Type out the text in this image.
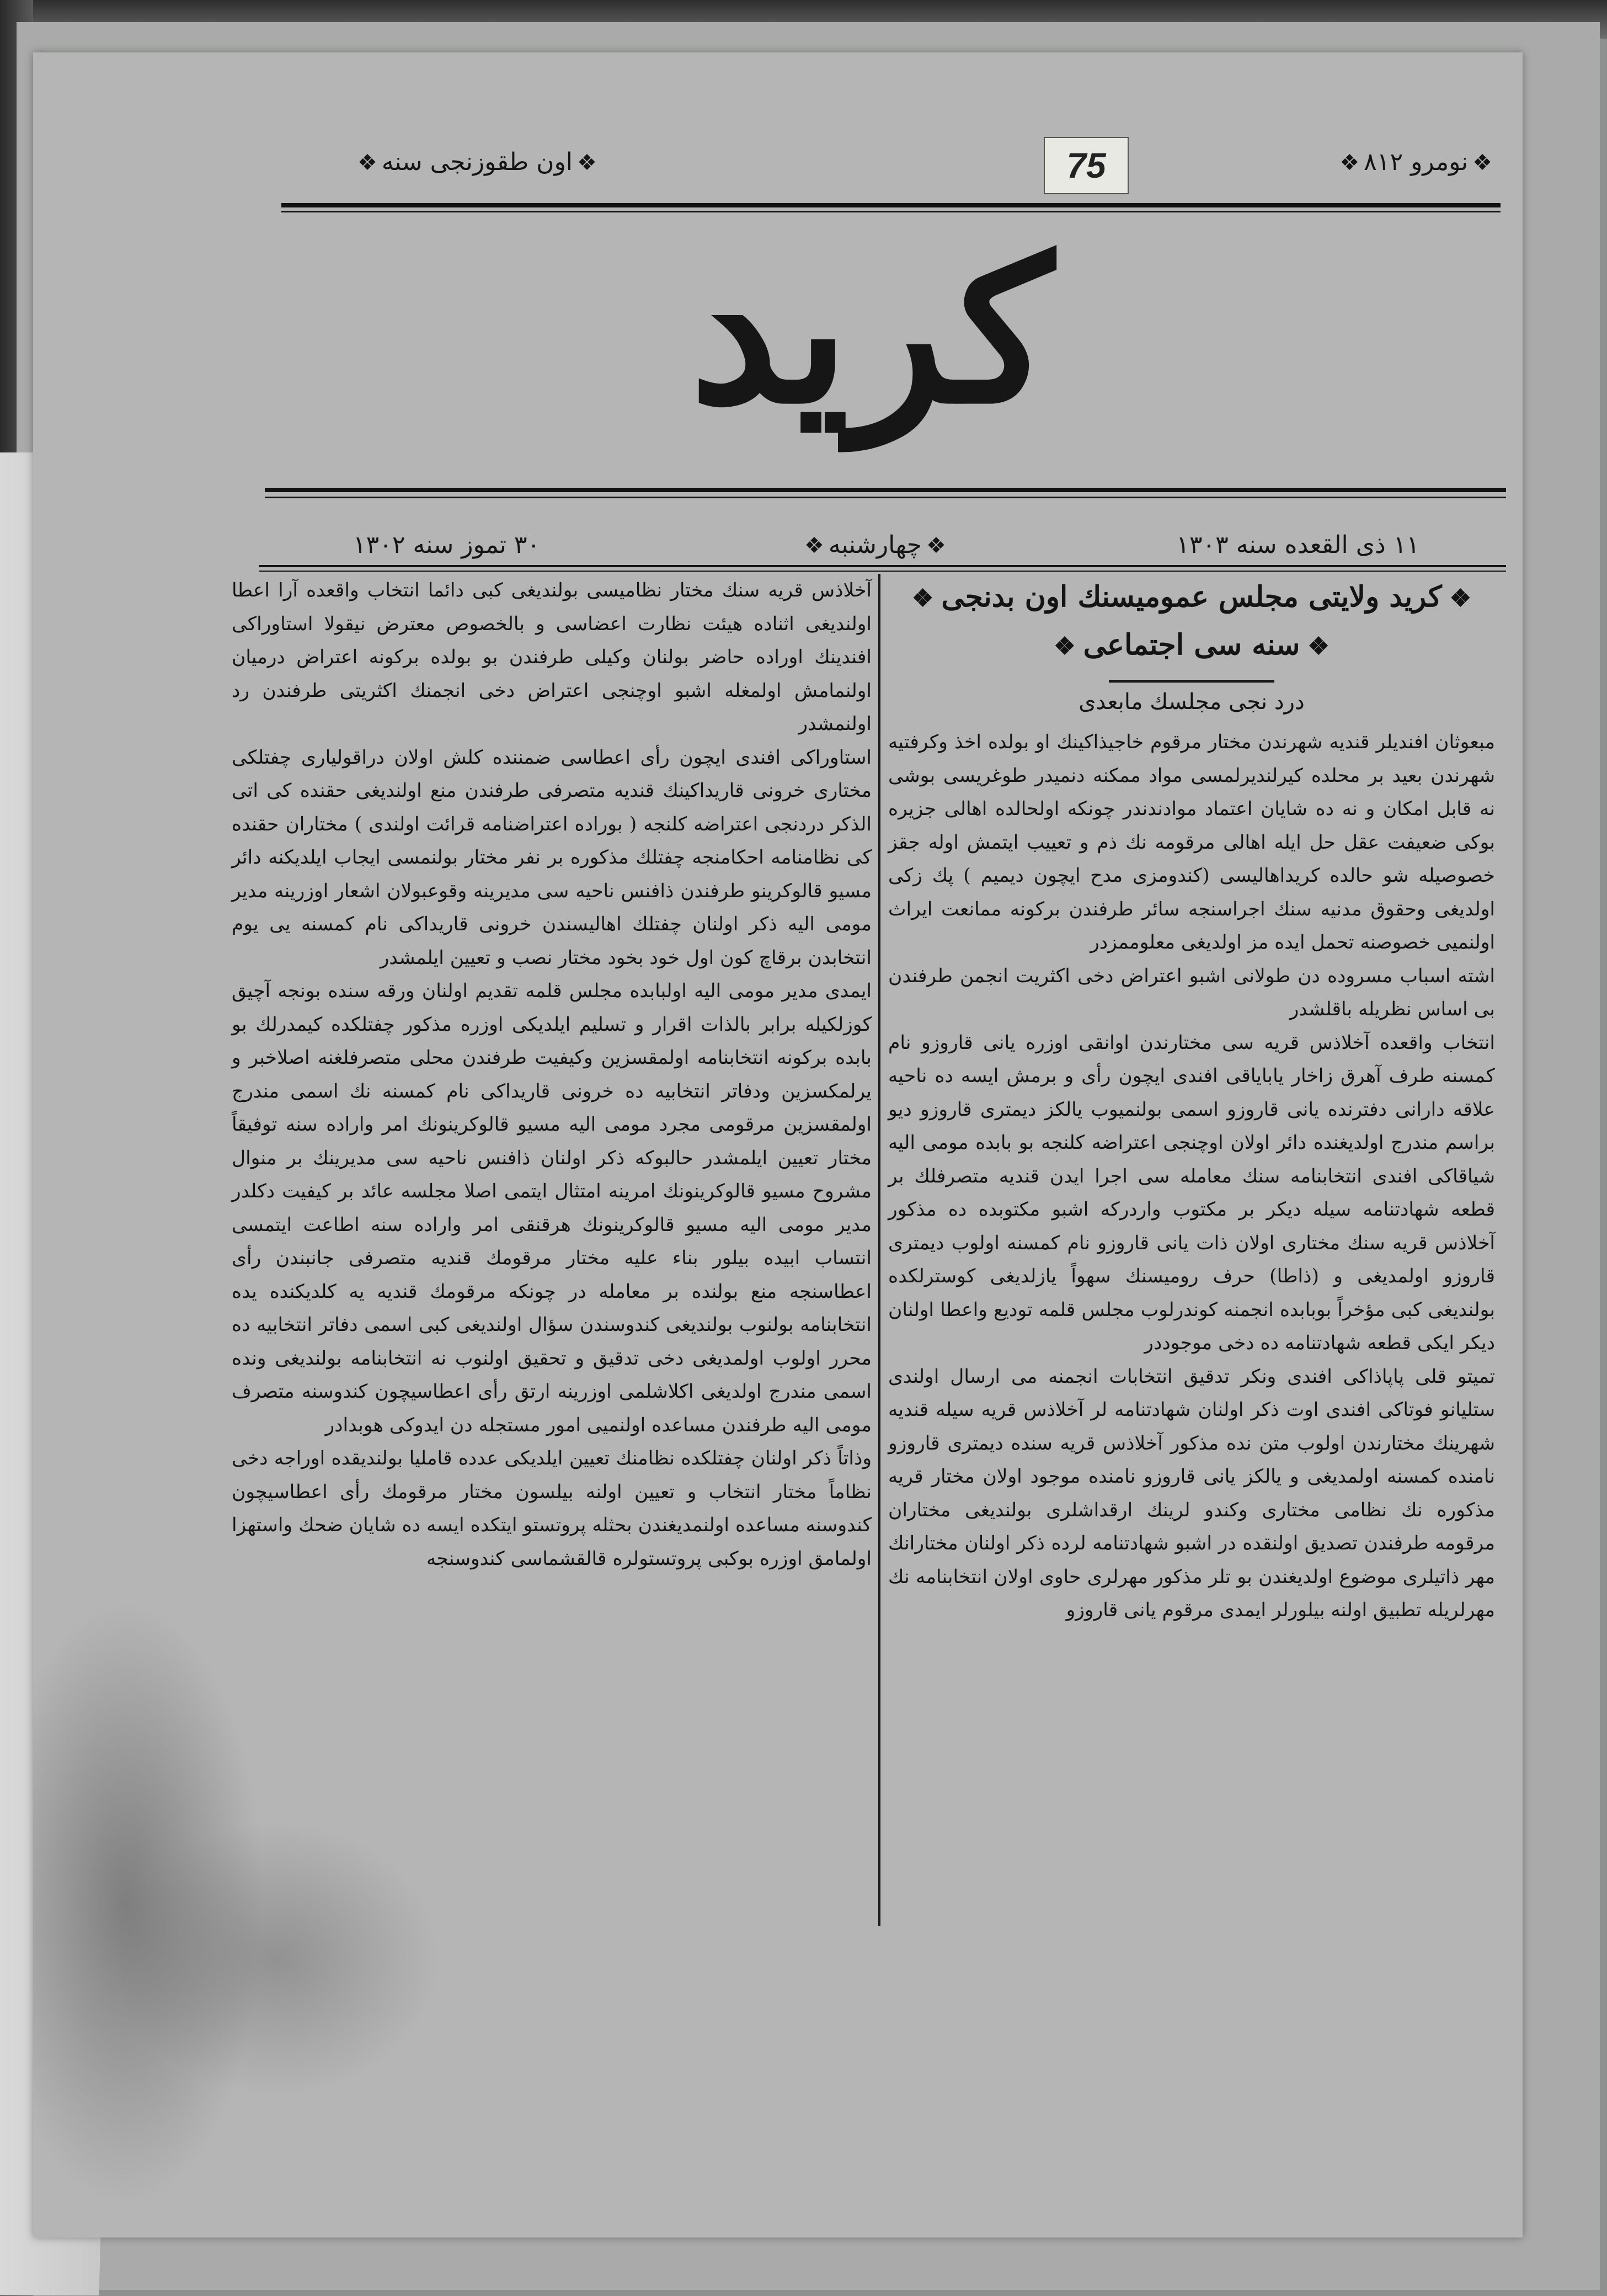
❖نومرو ۸۱۲❖
❖اون طقوزنجی سنه❖	75
كريد
۱۱ ذی القعده سنه ۱۳۰۳
❖چهارشنبه❖
۳۰ تموز سنه ۱۳۰۲
❖كريد ولايتی مجلس عمومیسنك اون بدنجی❖
❖سنه سی اجتماعی❖

درد نجی مجلسك مابعدی

مبعوثان افندیلر قندیه شهرندن مختار مرقوم خاجیذاكینك او بولده اخذ وكرفتیه شهرندن بعید بر محلده كيرلندیرلمسی مواد ممكنه دنمیدر طوغریسی بوشی نه قابل امكان و نه ده شایان اعتماد موادندندر چونكه اولحالده اهالی جزیره بوكی ضعیفت عقل حل ایله اهالی مرقومه نك ذم و تعییب ایتمش اوله جقز خصوصیله شو حالده كریداهالیسی (كندومزی مدح ایچون دیمیم ) پك زكی اولدیغی وحقوق مدنیه سنك اجراسنجه سائر طرفندن بركونه ممانعت ایراث اولنمیی خصوصنه تحمل ایده مز اولدیغی معلوممزدر

اشته اسباب مسروده دن طولانی اشبو اعتراض دخی اكثریت انجمن طرفندن بی اساس نظریله باقلشدر

انتخاب واقعده آخلاذس قریه سی مختارندن اوانقی اوزره یانی قاروزو نام كمسنه طرف آهرق زاخار یابایاقی افندی ایچون رأی و برمش ایسه ده ناحیه علاقه دارانی دفترنده یانی قاروزو اسمی بولنمیوب یالكز دیمتری قاروزو دیو براسم مندرج اولدیغنده دائر اولان اوچنجی اعتراضه كلنجه بو بابده مومی الیه شیاقاكی افندی انتخابنامه سنك معامله سی اجرا ایدن قندیه متصرفلك بر قطعه شهادتنامه سیله دیكر بر مكتوب واردركه اشبو مكتوبده ده مذكور آخلاذس قریه سنك مختاری اولان ذات یانی قاروزو نام كمسنه اولوب دیمتری قاروزو اولمدیغی و (ذاطا) حرف رومیسنك سهواً یازلدیغی كوسترلكده بولندیغی كبی مؤخراً بوبابده انجمنه كوندرلوب مجلس قلمه تودیع واعطا اولنان دیكر ایكی قطعه شهادتنامه ده دخی موجوددر

تمیتو قلی پاپاذاكی افندی ونكر تدقیق انتخابات انجمنه می ارسال اولندی ستلیانو فوتاكی افندی اوت ذكر اولنان شهادتنامه لر آخلاذس قریه سیله قندیه شهرینك مختارندن اولوب متن نده مذكور آخلاذس قریه سنده دیمتری قاروزو نامنده كمسنه اولمدیغی و یالكز یانی قاروزو نامنده موجود اولان مختار قریه مذكوره نك نظامی مختاری وكندو لرینك ارقداشلری بولندیغی مختاران مرقومه طرفندن تصدیق اولنقده در اشبو شهادتنامه لرده ذكر اولنان مختارانك مهر ذاتیلری موضوع اولدیغندن بو تلر مذكور مهرلری حاوی اولان انتخابنامه نك مهرلریله تطبیق اولنه بیلورلر ایمدی مرقوم یانی قاروزو

آخلاذس قریه سنك مختار نظامیسی بولندیغی كبی دائما انتخاب واقعده آرا اعطا اولندیغی اثناده هیئت نظارت اعضاسی و بالخصوص معترض نیقولا استاوراكی افندینك اوراده حاضر بولنان وكیلی طرفندن بو بولده بركونه اعتراض درمیان اولنمامش اولمغله اشبو اوچنجی اعتراض دخی انجمنك اكثریتی طرفندن رد اولنمشدر

استاوراكی افندی ایچون رأی اعطاسی ضمننده كلش اولان دراقولیاری چفتلكی مختاری خرونی قاریداكینك قندیه متصرفی طرفندن منع اولندیغی حقنده كی اتی الذكر دردنجی اعتراضه كلنجه ( بوراده اعتراضنامه قرائت اولندی ) مختاران حقنده كی نظامنامه احكامنجه چفتلك مذكوره بر نفر مختار بولنمسی ایجاب ایلدیكنه دائر مسیو قالوكرینو طرفندن ذافنس ناحیه سی مدیرینه وقوعبولان اشعار اوزرینه مدیر مومی الیه ذكر اولنان چفتلك اهالیسندن خرونی قاریداكی نام كمسنه یی یوم انتخابدن برقاچ كون اول خود بخود مختار نصب و تعیین ایلمشدر

ایمدی مدیر مومی الیه اولبابده مجلس قلمه تقدیم اولنان ورقه سنده بونجه آچیق كوزلكیله برابر بالذات اقرار و تسلیم ایلدیكی اوزره مذكور چفتلكده كیمدرلك بو بابده بركونه انتخابنامه اولمقسزین وكیفیت طرفندن محلی متصرفلغنه اصلاخبر و یرلمكسزین ودفاتر انتخابیه ده خرونی قاریداكی نام كمسنه نك اسمی مندرج اولمقسزین مرقومی مجرد مومی الیه مسیو قالوكرینونك امر واراده سنه توفیقاً مختار تعیین ایلمشدر حالبوكه ذكر اولنان ذافنس ناحیه سی مدیرینك بر منوال مشروح مسیو قالوكرینونك امرینه امتثال ایتمی اصلا مجلسه عائد بر كیفیت دكلدر مدیر مومی الیه مسیو قالوكرینونك هرقنقی امر واراده سنه اطاعت ایتمسی انتساب ابیده بیلور بناء علیه مختار مرقومك قندیه متصرفی جانبندن رأی اعطاسنجه منع بولنده بر معامله در چونكه مرقومك قندیه یه كلدیكنده یده انتخابنامه بولنوب بولندیغی كندوسندن سؤال اولندیغی كبی اسمی دفاتر انتخابیه ده محرر اولوب اولمدیغی دخی تدقیق و تحقیق اولنوب نه انتخابنامه بولندیغی ونده اسمی مندرج اولدیغی اكلاشلمی اوزرینه ارتق رأی اعطاسیچون كندوسنه متصرف مومی الیه طرفندن مساعده اولنمیی امور مستجله دن ایدوكی هوبدادر

وذاتاً ذكر اولنان چفتلكده نظامنك تعیین ایلدیكی عدده قاملیا بولندیقده اوراجه دخی نظاماً مختار انتخاب و تعیین اولنه بیلسون مختار مرقومك رأی اعطاسیچون كندوسنه مساعده اولنمدیغندن بحثله پروتستو ایتكده ایسه ده شایان ضحك واستهزا اولمامق اوزره بوكبی پروتستولره قالقشماسی كندوسنجه
